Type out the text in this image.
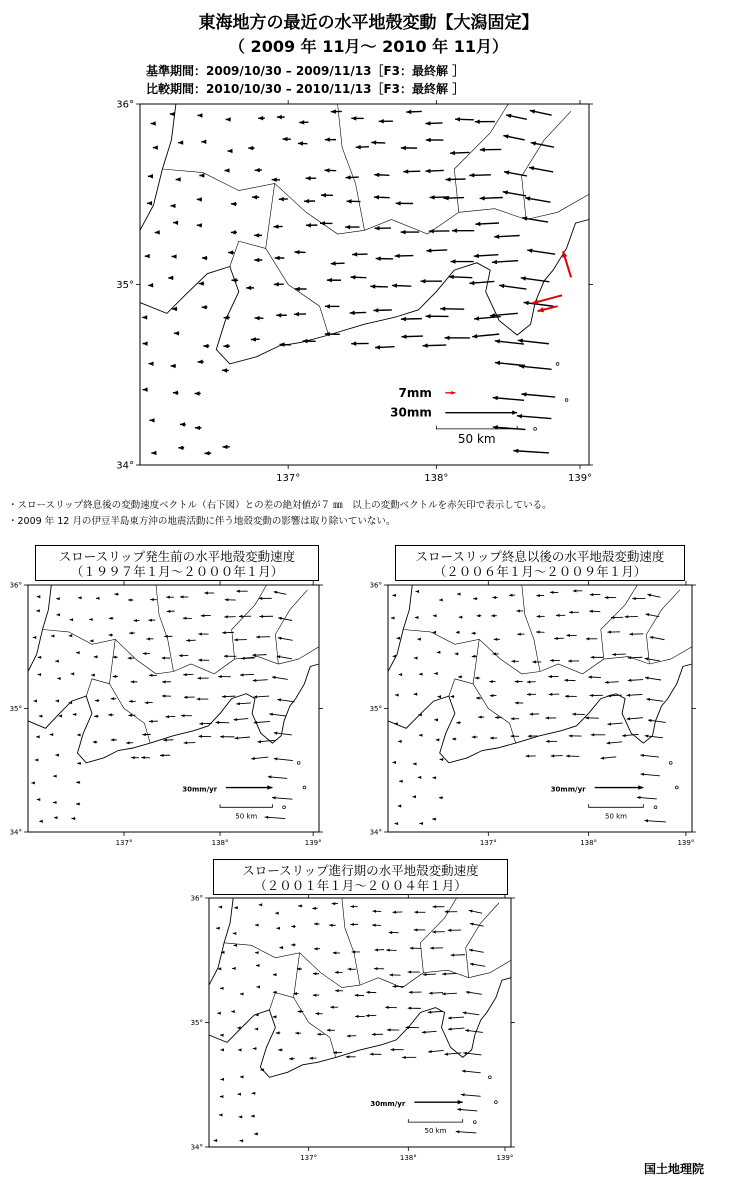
東海地方の最近の水平地殻変動【大潟固定】
（ 2009 年 11月～ 2010 年 11月）
基準期間：2009/10/30 – 2009/11/13［F3：最終解 ］
比較期間：2010/10/30 – 2010/11/13［F3：最終解 ］
36°
35°
34°
137°	138°	139°
7mm
30mm
50 km
36°
35°
34°
137°	138°	139°
30mm/yr
50 km
36°
35°
34°
137°	138°	139°
30mm/yr
50 km
36°
35°
34°
137°	138°	139°
30mm/yr
50 km
・スロースリップ終息後の変動速度ベクトル（右下図）との差の絶対値が７ ㎜　以上の変動ベクトルを赤矢印で表示している。
・2009 年 12 月の伊豆半島東方沖の地震活動に伴う地殻変動の影響は取り除いていない。
スロースリップ発生前の水平地殻変動速度
（１９９７年１月～２０００年１月）
スロースリップ終息以後の水平地殻変動速度
（２００６年１月～２００９年１月）
スロースリップ進行期の水平地殻変動速度
（２００１年１月～２００４年１月）
国土地理院
